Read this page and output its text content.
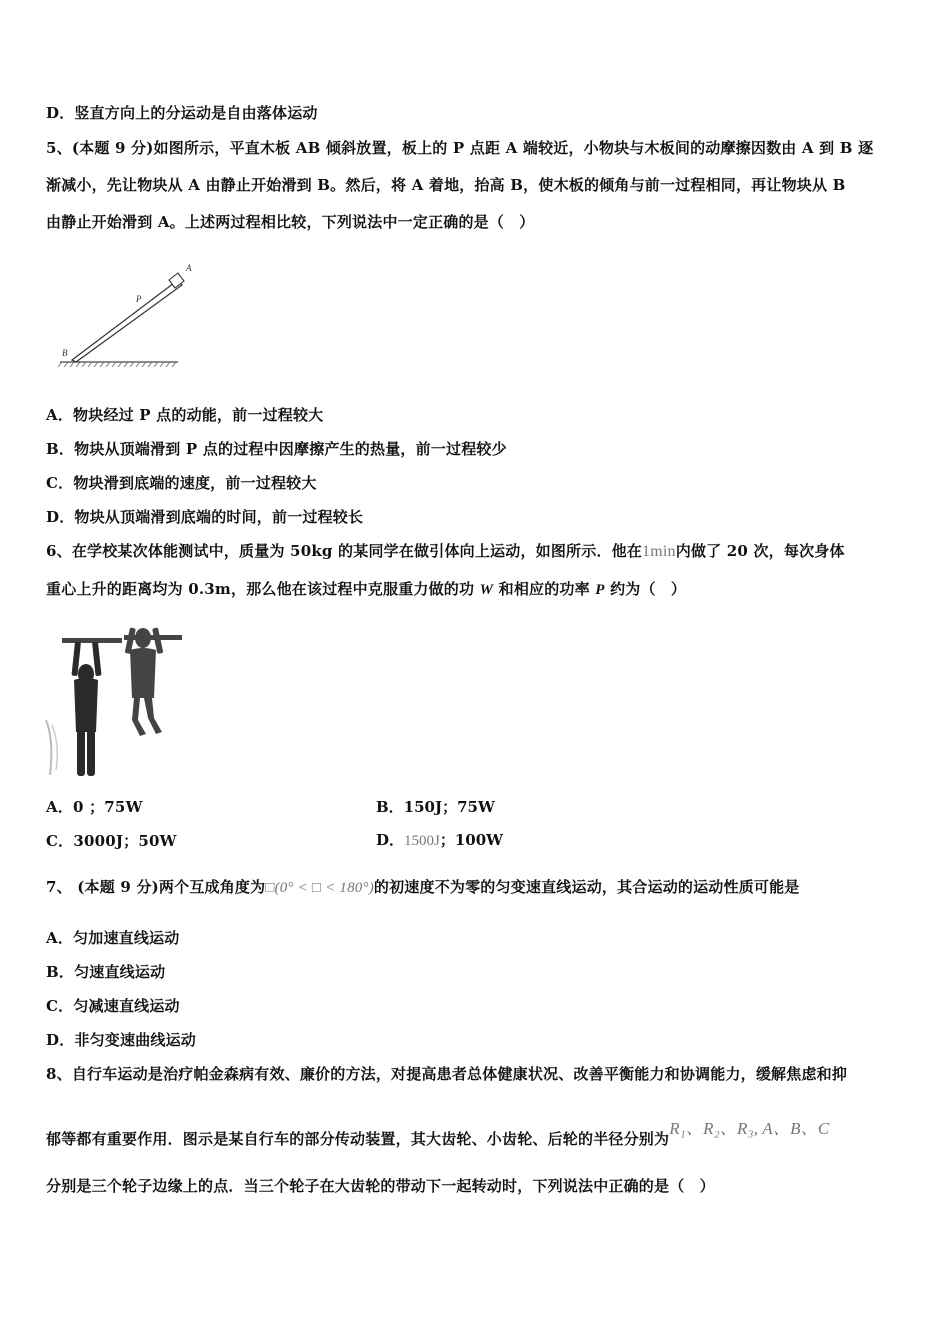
D．竖直方向上的分运动是自由落体运动
5、(本题 9 分)如图所示，平直木板 AB 倾斜放置，板上的 P 点距 A 端较近，小物块与木板间的动摩擦因数由 A 到 B 逐
渐减小，先让物块从 A 由静止开始滑到 B。然后，将 A 着地，抬高 B，使木板的倾角与前一过程相同，再让物块从 B
由静止开始滑到 A。上述两过程相比较，下列说法中一定正确的是（　）
A
P
B
A．物块经过 P 点的动能，前一过程较大
B．物块从顶端滑到 P 点的过程中因摩擦产生的热量，前一过程较少
C．物块滑到底端的速度，前一过程较大
D．物块从顶端滑到底端的时间，前一过程较长
6、在学校某次体能测试中，质量为 50kg 的某同学在做引体向上运动，如图所示．他在1min内做了 20 次，每次身体
重心上升的距离均为 0.3m，那么他在该过程中克服重力做的功 W 和相应的功率 P 约为（　）
A．0 ；75W	B．150J；75W
C．3000J；50W	D．1500J；100W
7、 (本题 9 分)两个互成角度为□(0° < □ < 180°)的初速度不为零的匀变速直线运动，其合运动的运动性质可能是
A．匀加速直线运动
B．匀速直线运动
C．匀减速直线运动
D．非匀变速曲线运动
8、自行车运动是治疗帕金森病有效、廉价的方法，对提高患者总体健康状况、改善平衡能力和协调能力，缓解焦虑和抑
郁等都有重要作用．图示是某自行车的部分传动装置，其大齿轮、小齿轮、后轮的半径分别为R₁、R₂、R₃, A、B、C
分别是三个轮子边缘上的点．当三个轮子在大齿轮的带动下一起转动时，下列说法中正确的是（　）
